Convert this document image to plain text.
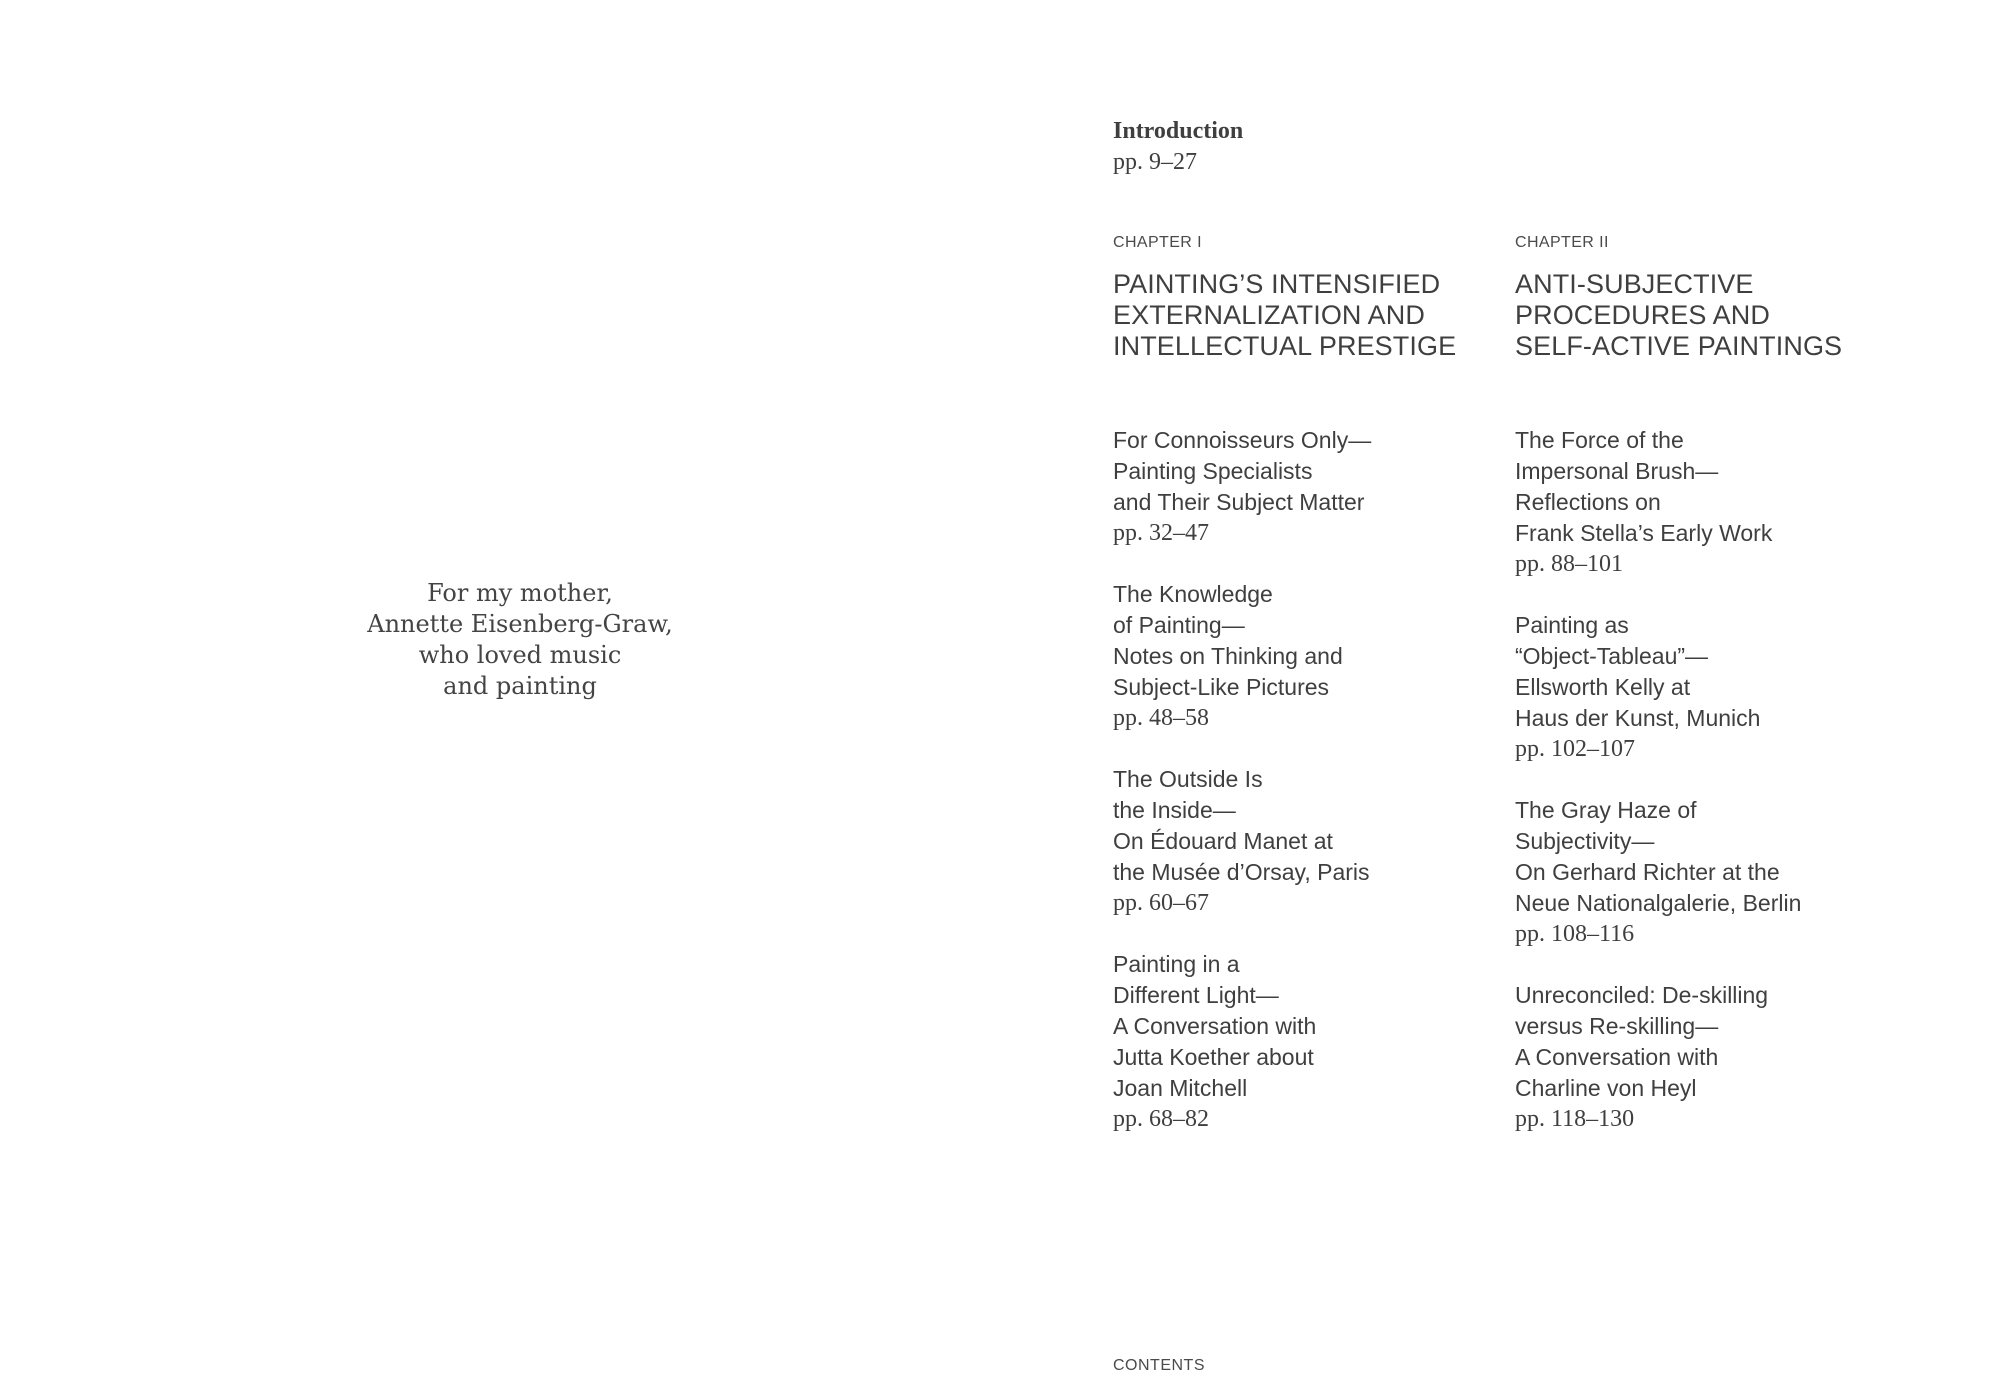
For my mother,
Annette Eisenberg-Graw,
who loved music
and painting
Introduction
pp. 9–27
CHAPTER I
PAINTING’S INTENSIFIED
EXTERNALIZATION AND
INTELLECTUAL PRESTIGE
For Connoisseurs Only—
Painting Specialists
and Their Subject Matter
pp. 32–47
The Knowledge
of Painting—
Notes on Thinking and
Subject-Like Pictures
pp. 48–58
The Outside Is
the Inside—
On Édouard Manet at
the Musée d’Orsay, Paris
pp. 60–67
Painting in a
Different Light—
A Conversation with
Jutta Koether about
Joan Mitchell
pp. 68–82
CHAPTER II
ANTI-SUBJECTIVE
PROCEDURES AND
SELF-ACTIVE PAINTINGS
The Force of the
Impersonal Brush—
Reflections on
Frank Stella’s Early Work
pp. 88–101
Painting as
“Object-Tableau”—
Ellsworth Kelly at
Haus der Kunst, Munich
pp. 102–107
The Gray Haze of
Subjectivity—
On Gerhard Richter at the
Neue Nationalgalerie, Berlin
pp. 108–116
Unreconciled: De-skilling
versus Re-skilling—
A Conversation with
Charline von Heyl
pp. 118–130
CONTENTS
